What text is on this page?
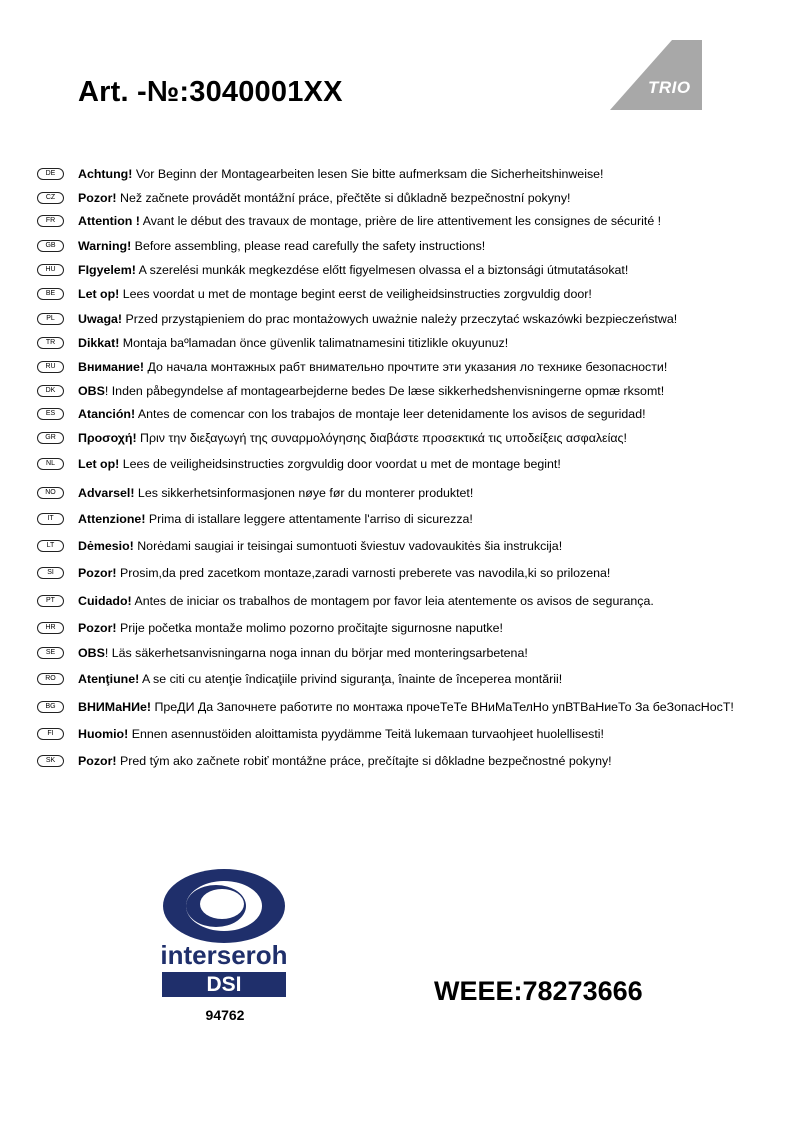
Art. -№:3040001XX	TRIO
DE	Achtung! Vor Beginn der Montagearbeiten lesen Sie bitte aufmerksam die Sicherheitshinweise!
CZ	Pozor! Než začnete provádět montážní práce, přečtěte si důkladně bezpečnostní pokyny!
FR	Attention ! Avant le début des travaux de montage, prière de lire attentivement les consignes de sécurité !
GB	Warning! Before assembling, please read carefully the safety instructions!
HU	FIgyelem! A szerelési munkák megkezdése előtt figyelmesen olvassa el a biztonsági útmutatásokat!
BE	Let op! Lees voordat u met de montage begint eerst de veiligheidsinstructies zorgvuldig door!
PL	Uwaga! Przed przystąpieniem do prac montażowych uważnie należy przeczytać wskazówki bezpieczeństwa!
TR	Dikkat! Montaja baºlamadan önce güvenlik talimatnamesini titizlikle okuyunuz!
RU	Внимание! До начала монтажных рабт внимательно прочтите эти указания ло технике безопасности!
DK	OBS! Inden påbegyndelse af montagearbejderne bedes De læse sikkerhedshenvisningerne opmæ rksomt!
ES	Atanción! Antes de comencar con los trabajos de montaje leer detenidamente los avisos de seguridad!
GR	Προσοχή! Πριν την διεξαγωγή της συναρμολόγησης διαβάστε προσεκτικά τις υποδείξεις ασφαλείας!
NL	Let op! Lees de veiligheidsinstructies zorgvuldig door voordat u met de montage begint!
NO	Advarsel! Les sikkerhetsinformasjonen nøye før du monterer produktet!
IT	Attenzione! Prima di istallare leggere attentamente l'arriso di sicurezza!
LT	Dėmesio! Norėdami saugiai ir teisingai sumontuoti šviestuv vadovaukitės šia instrukcija!
SI	Pozor! Prosim,da pred zacetkom montaze,zaradi varnosti preberete vas navodila,ki so prilozena!
PT	Cuidado! Antes de iniciar os trabalhos de montagem por favor leia atentemente os avisos de segurança.
HR	Pozor! Prije početka montaže molimo pozorno pročitajte sigurnosne naputke!
SE	OBS! Läs säkerhetsanvisningarna noga innan du börjar med monteringsarbetena!
RO	Atenţiune! A se citi cu atenţie îndicaţiile privind siguranţa, înainte de începerea montării!
BG	ВНИМаНИе! ПреДИ Да Започнете работите по монтажа прочеТеТе ВНиМаТелНо упВТВаНиеТо За беЗопасНосТ!
FI	Huomio! Ennen asennustöiden aloittamista pyydämme Teitä lukemaan turvaohjeet huolellisesti!
SK	Pozor! Pred tým ako začnete robiť montážne práce, prečítajte si dôkladne bezpečnostné pokyny!
interseroh
DSI
94762
WEEE:78273666
